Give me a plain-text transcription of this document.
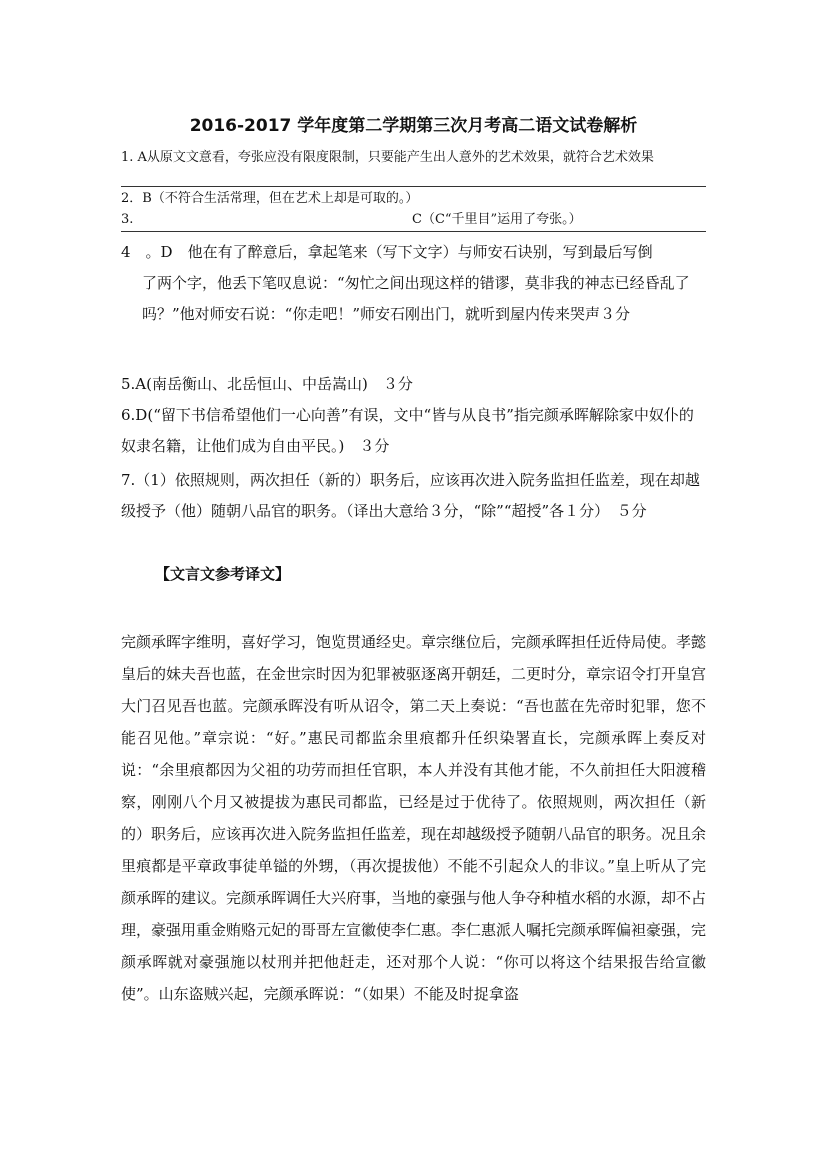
2016-2017 学年度第二学期第三次月考高二语文试卷解析
1. A从原文文意看，夸张应没有限度限制，只要能产生出人意外的艺术效果，就符合艺术效果
2．B（不符合生活常理，但在艺术上却是可取的。）
3.	C（C“千里目”运用了夸张。）
4　。D　他在有了醉意后，拿起笔来（写下文字）与师安石诀别，写到最后写倒
了两个字，他丢下笔叹息说：“匆忙之间出现这样的错谬，莫非我的神志已经昏乱了吗？”他对师安石说：“你走吧！”师安石刚出门，就听到屋内传来哭声３分
5.A(南岳衡山、北岳恒山、中岳嵩山)　３分
6.D(“留下书信希望他们一心向善”有误，文中“皆与从良书”指完颜承晖解除家中奴仆的奴隶名籍，让他们成为自由平民。)　３分
7.（1）依照规则，两次担任（新的）职务后，应该再次进入院务监担任监差，现在却越级授予（他）随朝八品官的职务。（译出大意给３分，“除”“超授”各１分）　５分
【文言文参考译文】
完颜承晖字维明，喜好学习，饱览贯通经史。章宗继位后，完颜承晖担任近侍局使。孝懿皇后的妹夫吾也蓝，在金世宗时因为犯罪被驱逐离开朝廷，二更时分，章宗诏令打开皇宫大门召见吾也蓝。完颜承晖没有听从诏令，第二天上奏说：“吾也蓝在先帝时犯罪，您不能召见他。”章宗说：“好。”惠民司都监余里痕都升任织染署直长，完颜承晖上奏反对说：“余里痕都因为父祖的功劳而担任官职，本人并没有其他才能，不久前担任大阳渡稽察，刚刚八个月又被提拔为惠民司都监，已经是过于优待了。依照规则，两次担任（新的）职务后，应该再次进入院务监担任监差，现在却越级授予随朝八品官的职务。况且余里痕都是平章政事徒单镒的外甥，（再次提拔他）不能不引起众人的非议。”皇上听从了完颜承晖的建议。完颜承晖调任大兴府事，当地的豪强与他人争夺种植水稻的水源，却不占理，豪强用重金贿赂元妃的哥哥左宣徽使李仁惠。李仁惠派人嘱托完颜承晖偏袒豪强，完颜承晖就对豪强施以杖刑并把他赶走，还对那个人说：“你可以将这个结果报告给宣徽使”。山东盗贼兴起，完颜承晖说：“（如果）不能及时捉拿盗
